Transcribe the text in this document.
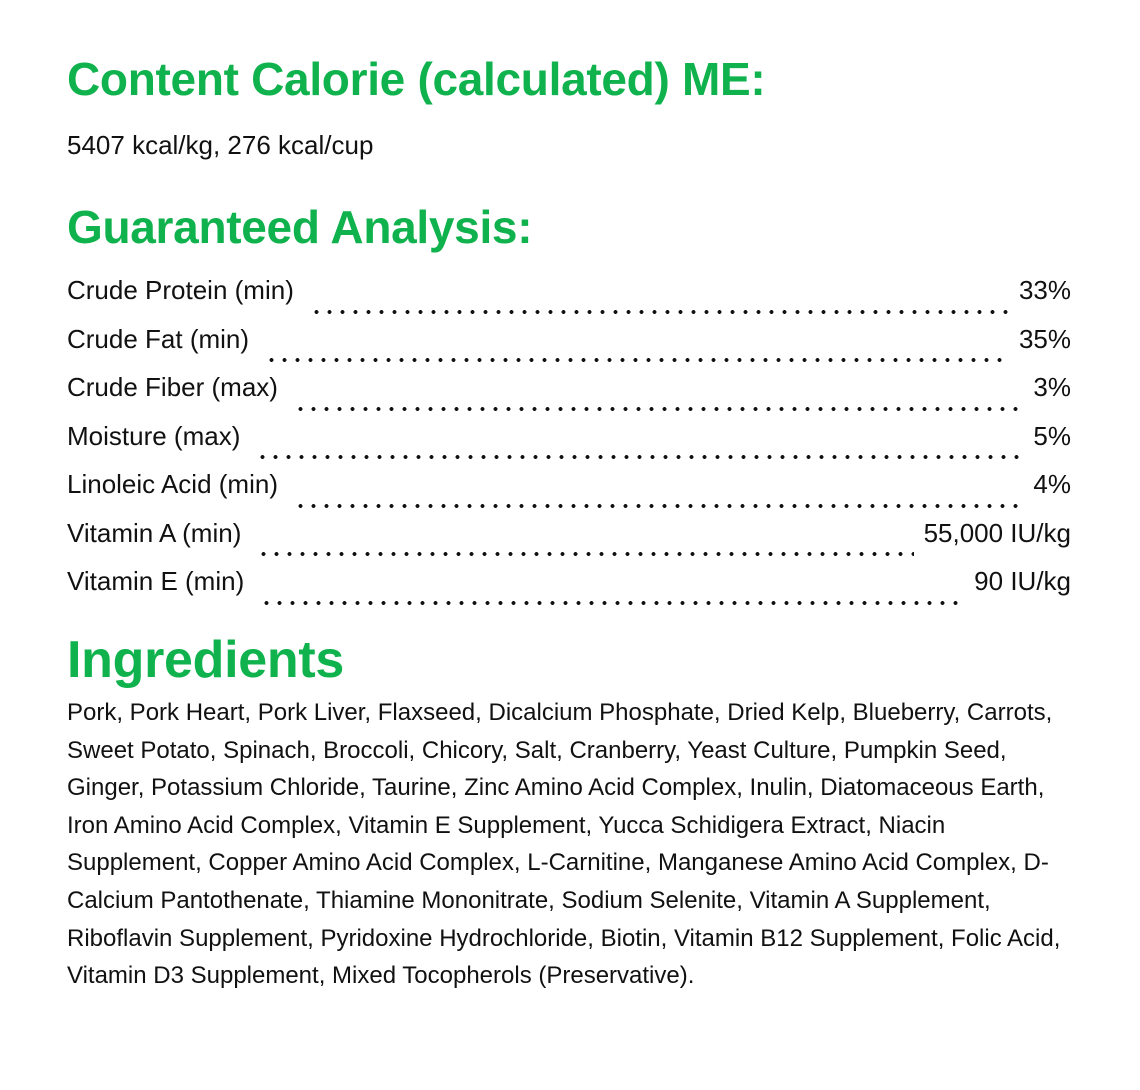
Content Calorie (calculated) ME:
5407 kcal/kg, 276 kcal/cup
Guaranteed Analysis:
Crude Protein (min)	33%
Crude Fat (min)	35%
Crude Fiber (max)	3%
Moisture (max)	5%
Linoleic Acid (min)	4%
Vitamin A (min)	55,000 IU/kg
Vitamin E (min)	90 IU/kg
Ingredients

Pork, Pork Heart, Pork Liver, Flaxseed, Dicalcium Phosphate, Dried Kelp, Blueberry, Carrots, Sweet Potato, Spinach, Broccoli, Chicory, Salt, Cranberry, Yeast Culture, Pumpkin Seed, Ginger, Potassium Chloride, Taurine, Zinc Amino Acid Complex, Inulin, Diatomaceous Earth, Iron Amino Acid Complex, Vitamin E Supplement, Yucca Schidigera Extract, Niacin Supplement, Copper Amino Acid Complex, L-Carnitine, Manganese Amino Acid Complex, D-Calcium Pantothenate, Thiamine Mononitrate, Sodium Selenite, Vitamin A Supplement, Riboflavin Supplement, Pyridoxine Hydrochloride, Biotin, Vitamin B12 Supplement, Folic Acid, Vitamin D3 Supplement, Mixed Tocopherols (Preservative).
